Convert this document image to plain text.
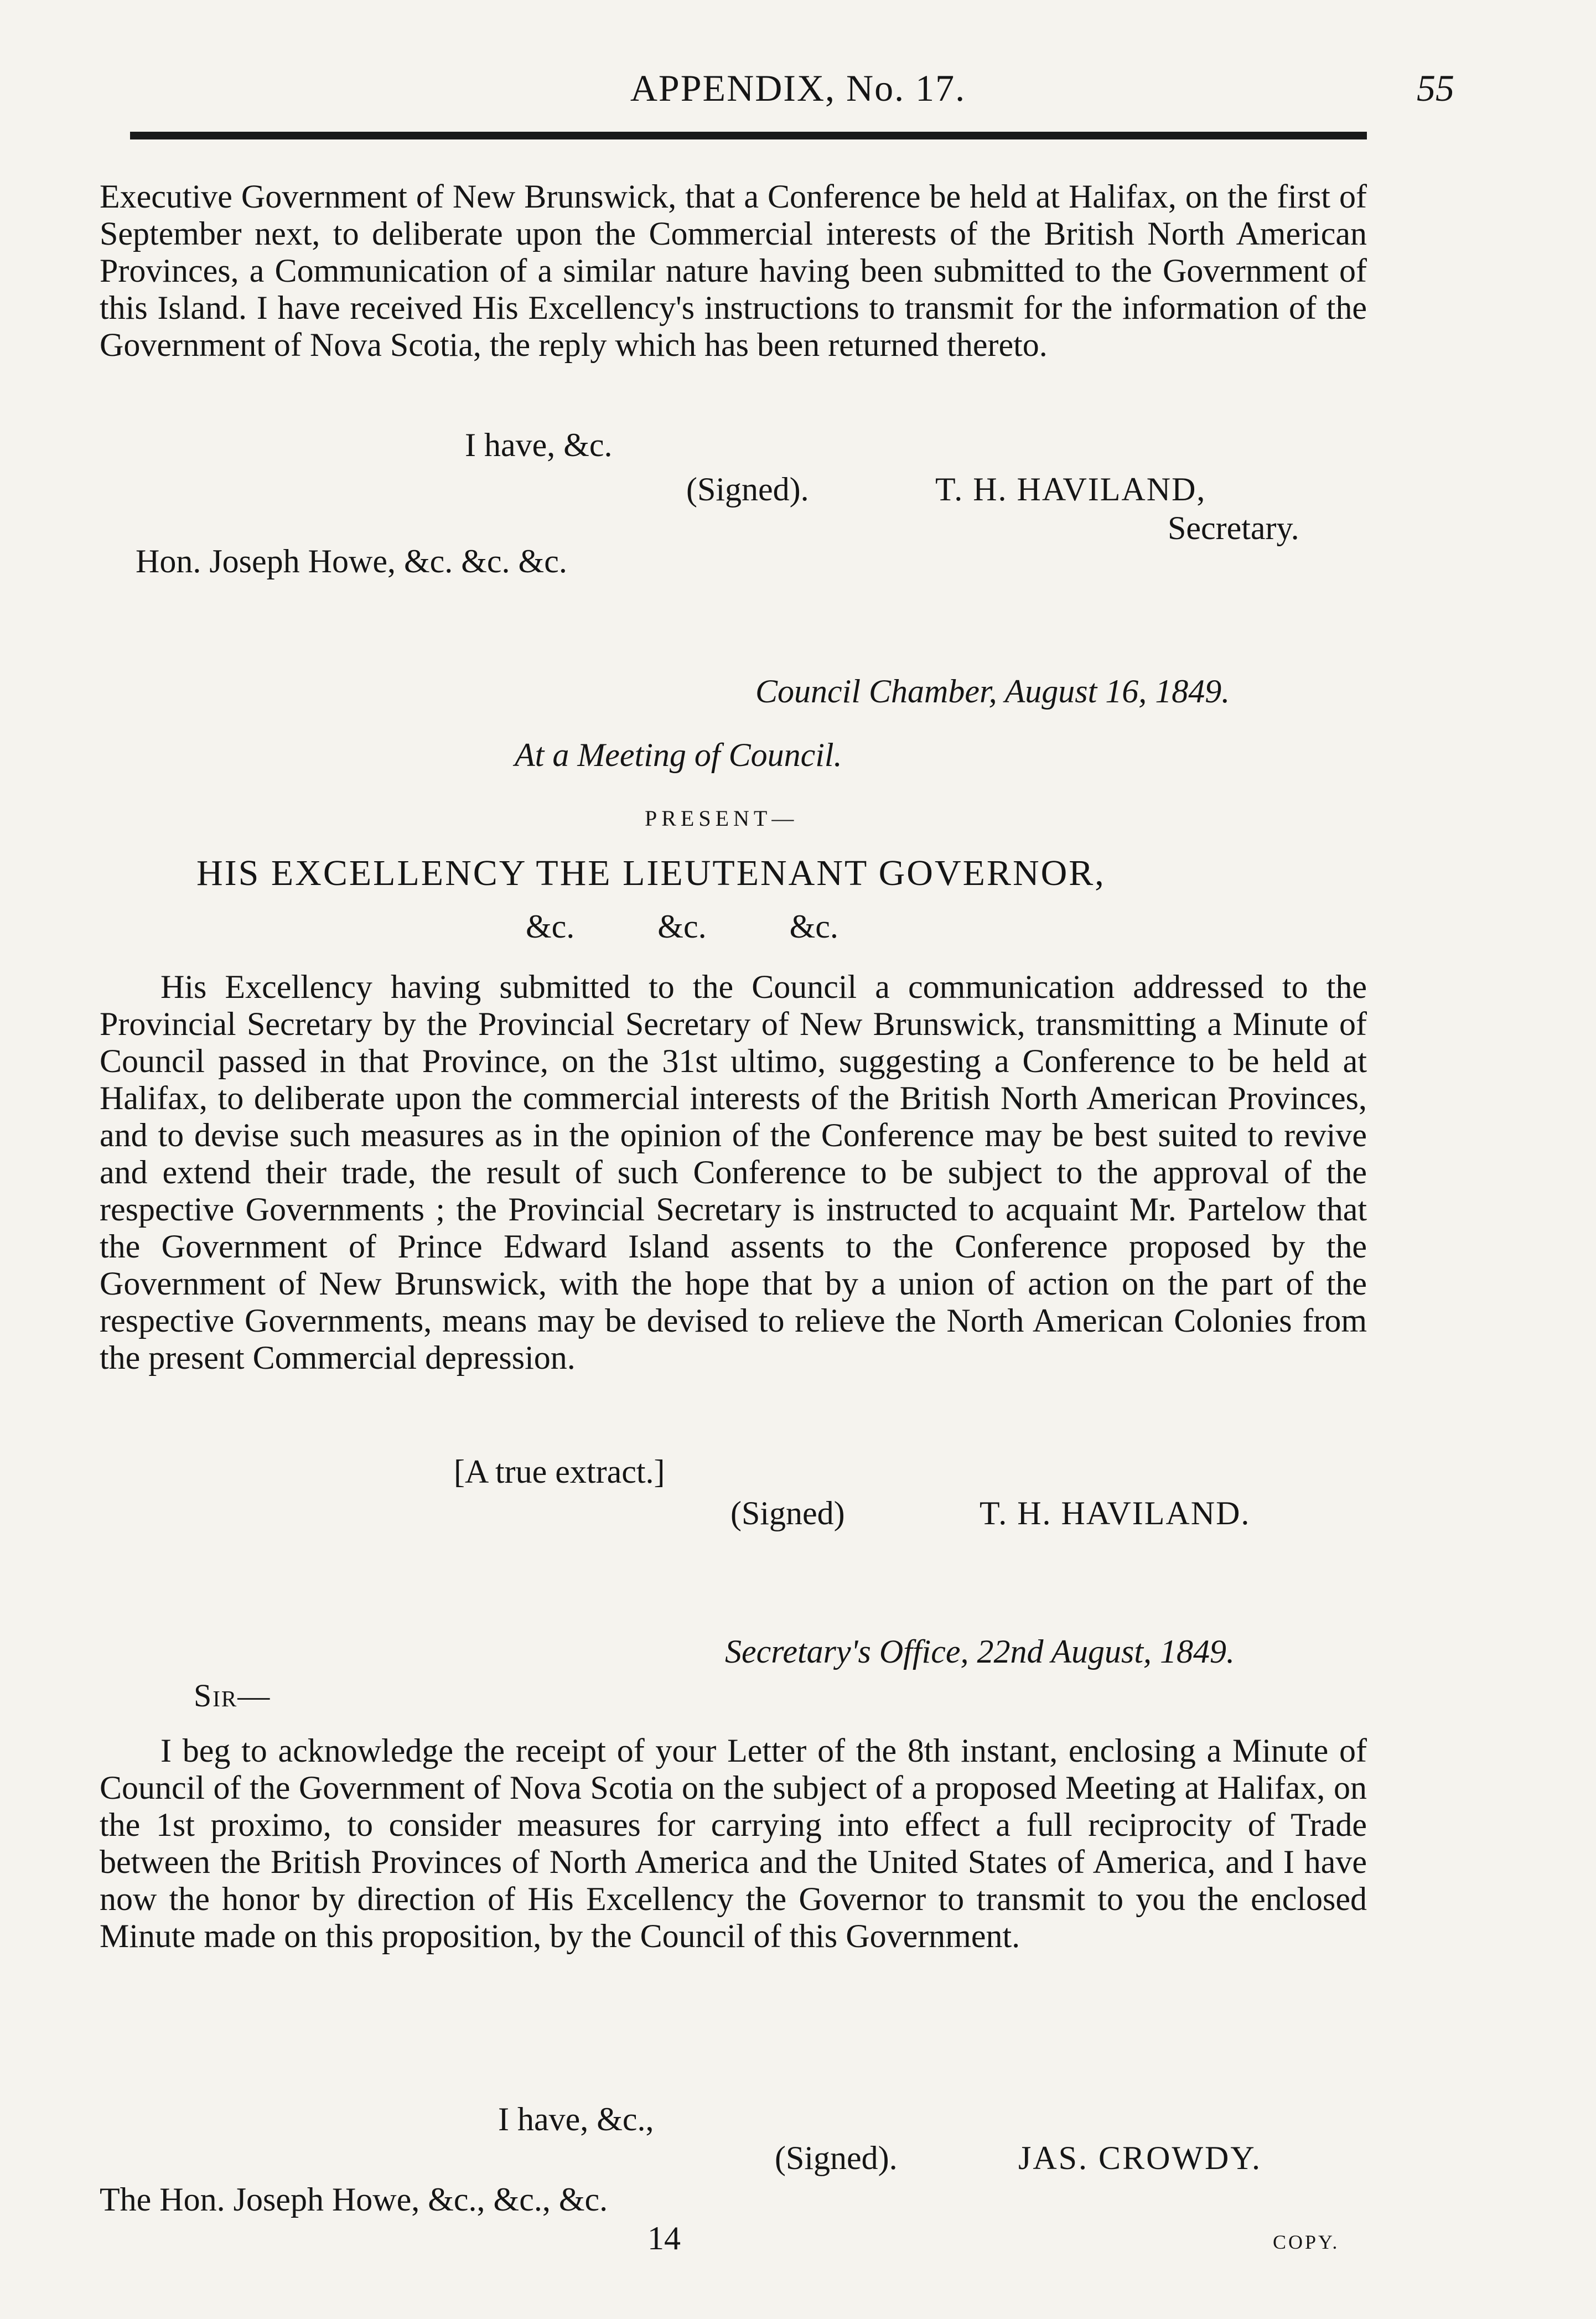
APPENDIX, No. 17.	55

Executive Government of New Brunswick, that a Conference be held at Halifax, on the first of September next, to deliberate upon the Commercial interests of the British North American Provinces, a Communication of a similar nature having been submitted to the Government of this Island. I have received His Excellency's instructions to transmit for the information of the Government of Nova Scotia, the reply which has been returned thereto.

I have, &c.
(Signed).	T. H. HAVILAND,
Secretary.
Hon. Joseph Howe, &c. &c. &c.
Council Chamber, August 16, 1849.
At a Meeting of Council.
PRESENT—
HIS EXCELLENCY THE LIEUTENANT GOVERNOR,
&c.          &c.          &c.

His Excellency having submitted to the Council a communication addressed to the Provincial Secretary by the Provincial Secretary of New Brunswick, transmitting a Minute of Council passed in that Province, on the 31st ultimo, suggesting a Conference to be held at Halifax, to deliberate upon the commercial interests of the British North American Provinces, and to devise such measures as in the opinion of the Conference may be best suited to revive and extend their trade, the result of such Conference to be subject to the approval of the respective Governments ; the Provincial Secretary is instructed to acquaint Mr. Partelow that the Government of Prince Edward Island assents to the Conference proposed by the Government of New Brunswick, with the hope that by a union of action on the part of the respective Governments, means may be devised to relieve the North American Colonies from the present Commercial depression.

[A true extract.]
(Signed)	T. H. HAVILAND.
Secretary's Office, 22nd August, 1849.
Sir—

I beg to acknowledge the receipt of your Letter of the 8th instant, enclosing a Minute of Council of the Government of Nova Scotia on the subject of a proposed Meeting at Halifax, on the 1st proximo, to consider measures for carrying into effect a full reciprocity of Trade between the British Provinces of North America and the United States of America, and I have now the honor by direction of His Excellency the Governor to transmit to you the enclosed Minute made on this proposition, by the Council of this Government.

I have, &c.,
(Signed).	JAS. CROWDY.
The Hon. Joseph Howe, &c., &c., &c.
14	COPY.
